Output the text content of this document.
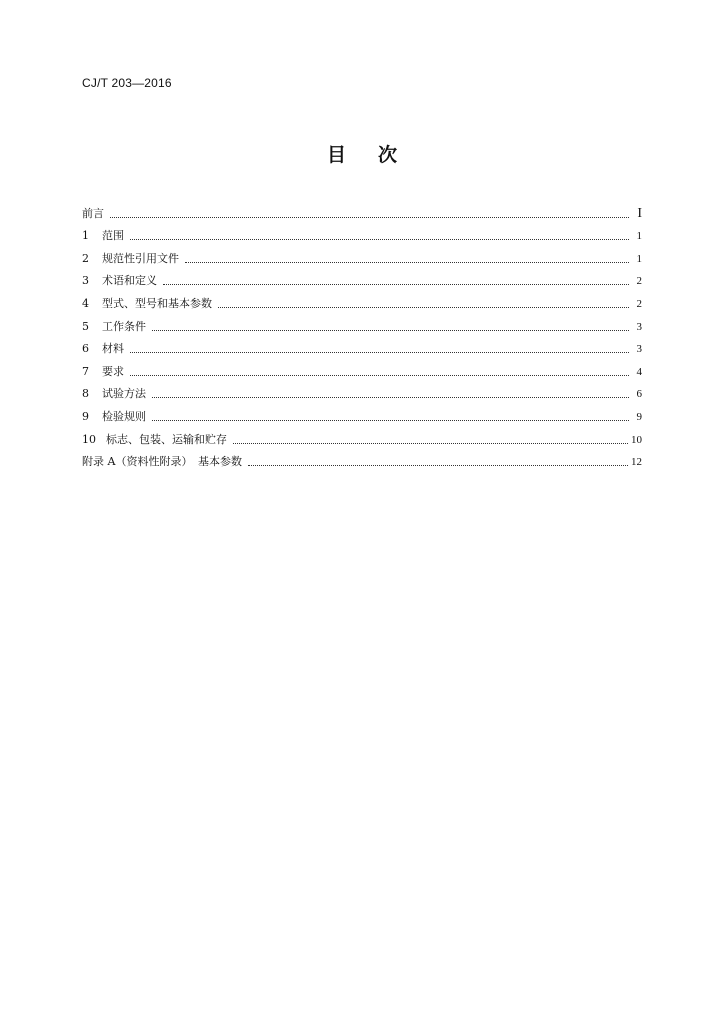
CJ/T 203—2016
目次
前言	I
1	范围	1
2	规范性引用文件	1
3	术语和定义	2
4	型式、型号和基本参数	2
5	工作条件	3
6	材料	3
7	要求	4
8	试验方法	6
9	检验规则	9
10 标志、包装、运输和贮存	10
附录 A（资料性附录）　基本参数	12
